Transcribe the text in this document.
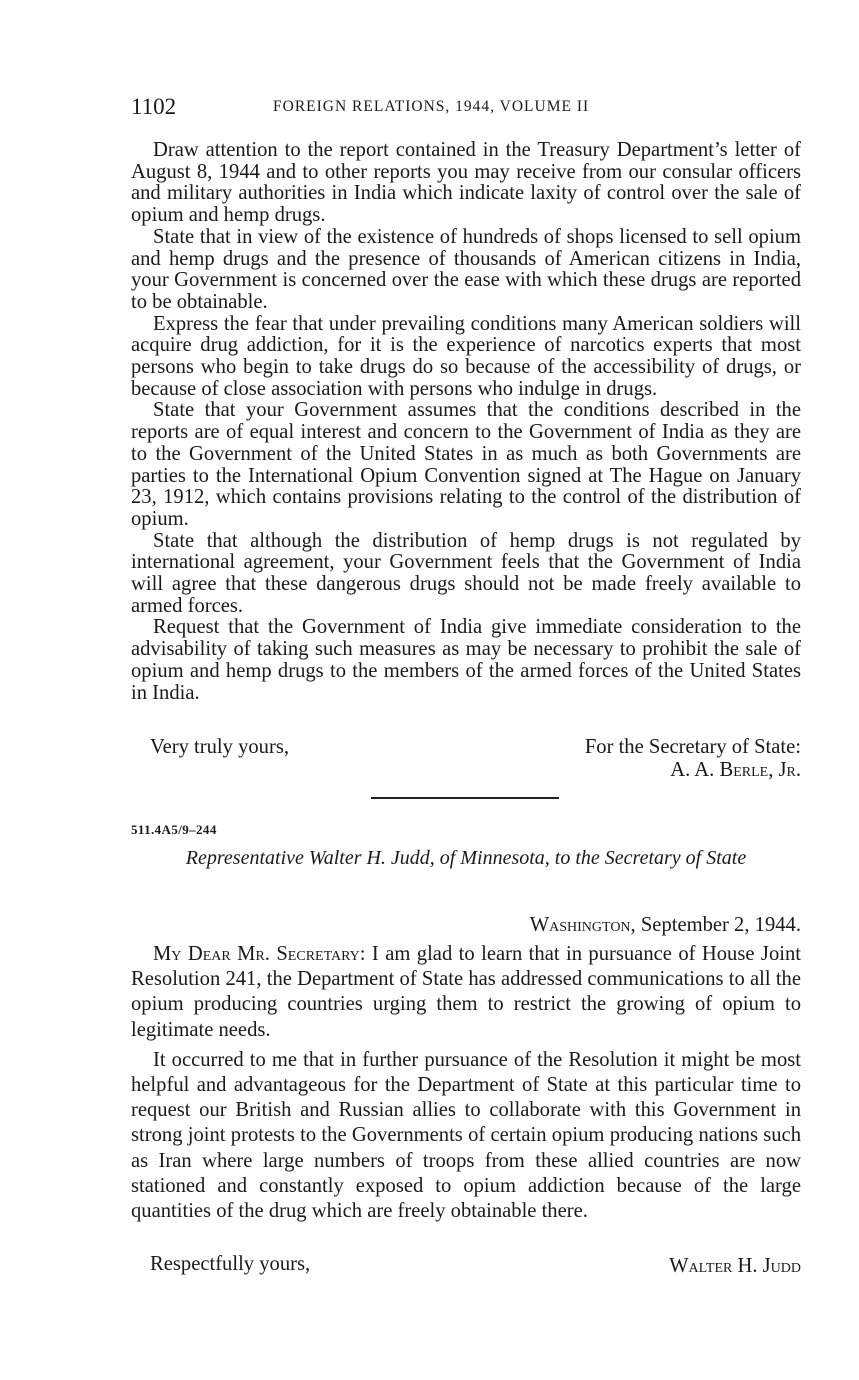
1102	FOREIGN RELATIONS, 1944, VOLUME II

Draw attention to the report contained in the Treasury Department’s letter of August 8, 1944 and to other reports you may receive from our consular officers and military authorities in India which indicate laxity of control over the sale of opium and hemp drugs.

State that in view of the existence of hundreds of shops licensed to sell opium and hemp drugs and the presence of thousands of American citizens in India, your Government is concerned over the ease with which these drugs are reported to be obtainable.

Express the fear that under prevailing conditions many American soldiers will acquire drug addiction, for it is the experience of narcotics experts that most persons who begin to take drugs do so because of the accessibility of drugs, or because of close association with persons who indulge in drugs.

State that your Government assumes that the conditions described in the reports are of equal interest and concern to the Government of India as they are to the Government of the United States in as much as both Governments are parties to the International Opium Convention signed at The Hague on January 23, 1912, which contains provisions relating to the control of the distribution of opium.

State that although the distribution of hemp drugs is not regulated by international agreement, your Government feels that the Government of India will agree that these dangerous drugs should not be made freely available to armed forces.

Request that the Government of India give immediate consideration to the advisability of taking such measures as may be necessary to prohibit the sale of opium and hemp drugs to the members of the armed forces of the United States in India.

Very truly yours,	For the Secretary of State:
A. A. Berle, Jr.
511.4A5/9–244
Representative Walter H. Judd, of Minnesota, to the Secretary of State
Washington, September 2, 1944.

My Dear Mr. Secretary: I am glad to learn that in pursuance of House Joint Resolution 241, the Department of State has addressed communications to all the opium producing countries urging them to restrict the growing of opium to legitimate needs.

It occurred to me that in further pursuance of the Resolution it might be most helpful and advantageous for the Department of State at this particular time to request our British and Russian allies to collaborate with this Government in strong joint protests to the Governments of certain opium producing nations such as Iran where large numbers of troops from these allied countries are now stationed and constantly exposed to opium addiction because of the large quantities of the drug which are freely obtainable there.

Respectfully yours,	Walter H. Judd
